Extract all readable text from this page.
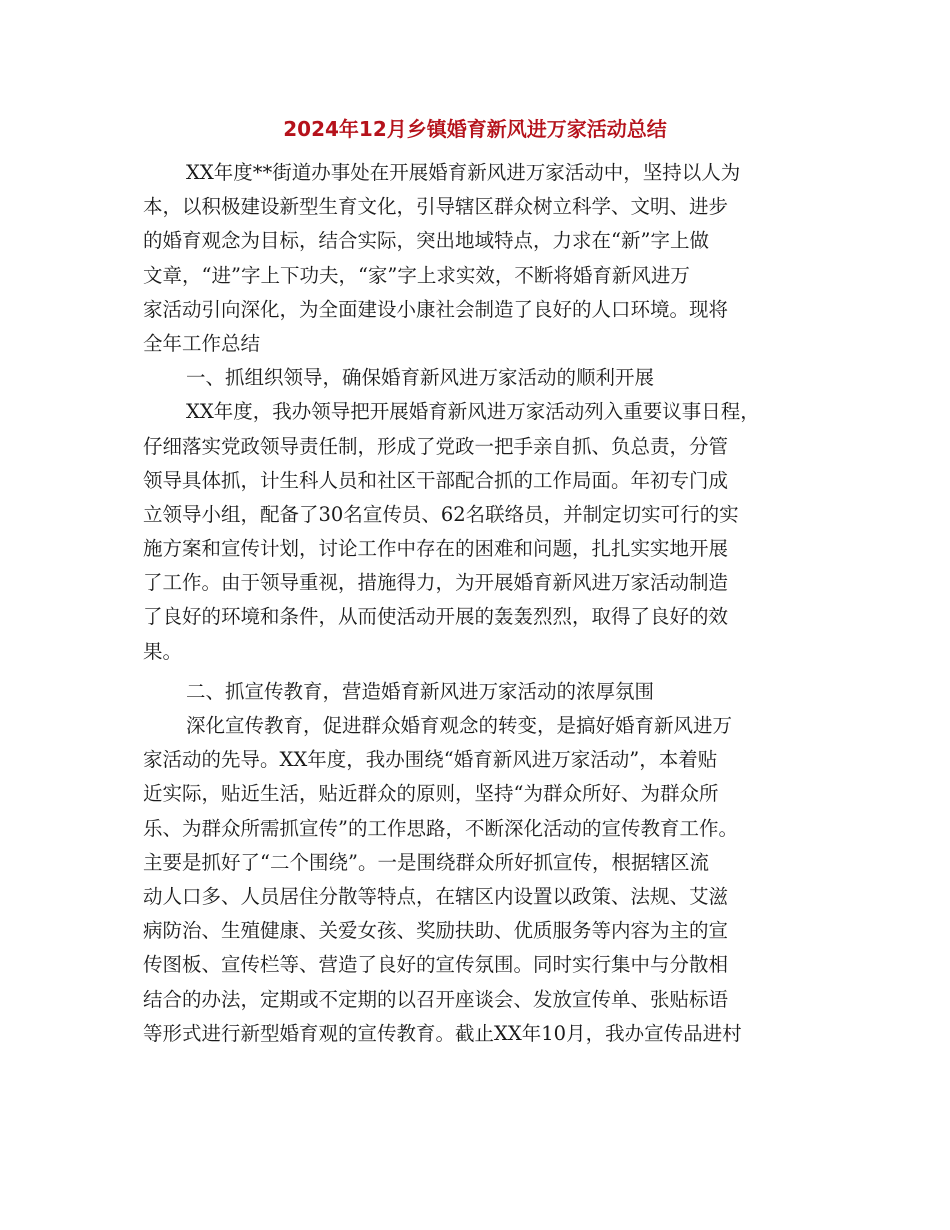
2024年12月乡镇婚育新风进万家活动总结
XX年度**街道办事处在开展婚育新风进万家活动中，坚持以人为
本，以积极建设新型生育文化，引导辖区群众树立科学、文明、进步
的婚育观念为目标，结合实际，突出地域特点，力求在“新”字上做
文章，“进”字上下功夫，“家”字上求实效，不断将婚育新风进万
家活动引向深化，为全面建设小康社会制造了良好的人口环境。现将
全年工作总结
一、抓组织领导，确保婚育新风进万家活动的顺利开展
XX年度，我办领导把开展婚育新风进万家活动列入重要议事日程，
仔细落实党政领导责任制，形成了党政一把手亲自抓、负总责，分管
领导具体抓，计生科人员和社区干部配合抓的工作局面。年初专门成
立领导小组，配备了30名宣传员、62名联络员，并制定切实可行的实
施方案和宣传计划，讨论工作中存在的困难和问题，扎扎实实地开展
了工作。由于领导重视，措施得力，为开展婚育新风进万家活动制造
了良好的环境和条件，从而使活动开展的轰轰烈烈，取得了良好的效
果。
二、抓宣传教育，营造婚育新风进万家活动的浓厚氛围
深化宣传教育，促进群众婚育观念的转变，是搞好婚育新风进万
家活动的先导。XX年度，我办围绕“婚育新风进万家活动”，本着贴
近实际，贴近生活，贴近群众的原则，坚持“为群众所好、为群众所
乐、为群众所需抓宣传”的工作思路，不断深化活动的宣传教育工作。
主要是抓好了“二个围绕”。一是围绕群众所好抓宣传，根据辖区流
动人口多、人员居住分散等特点，在辖区内设置以政策、法规、艾滋
病防治、生殖健康、关爱女孩、奖励扶助、优质服务等内容为主的宣
传图板、宣传栏等、营造了良好的宣传氛围。同时实行集中与分散相
结合的办法，定期或不定期的以召开座谈会、发放宣传单、张贴标语
等形式进行新型婚育观的宣传教育。截止XX年10月，我办宣传品进村
